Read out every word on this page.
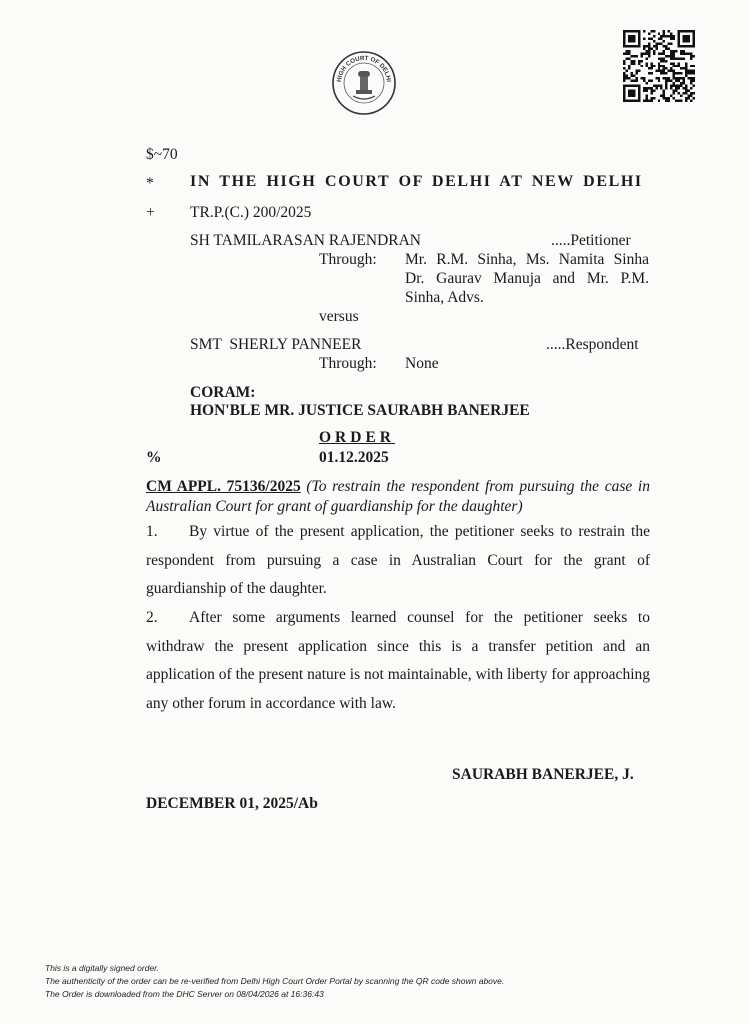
HIGH COURT OF DELHI
$~70
* IN THE HIGH COURT OF DELHI AT NEW DELHI
+ TR.P.(C.) 200/2025
SH TAMILARASAN RAJENDRAN	.....Petitioner
Through: Mr. R.M. Sinha, Ms. Namita Sinha
Dr. Gaurav Manuja and Mr. P.M.
Sinha, Advs.
versus
SMT  SHERLY PANNEER	.....Respondent
Through: None
CORAM:
HON'BLE MR. JUSTICE SAURABH BANERJEE
ORDER
%	01.12.2025
CM APPL. 75136/2025 (To restrain the respondent from pursuing the case in Australian Court for grant of guardianship for the daughter)
1. By virtue of the present application, the petitioner seeks to restrain the respondent from pursuing a case in Australian Court for the grant of guardianship of the daughter.
2. After some arguments learned counsel for the petitioner seeks to withdraw the present application since this is a transfer petition and an application of the present nature is not maintainable, with liberty for approaching any other forum in accordance with law.
SAURABH BANERJEE, J.
DECEMBER 01, 2025/Ab
This is a digitally signed order.
The authenticity of the order can be re-verified from Delhi High Court Order Portal by scanning the QR code shown above.
The Order is downloaded from the DHC Server on 08/04/2026 at 16:36:43
